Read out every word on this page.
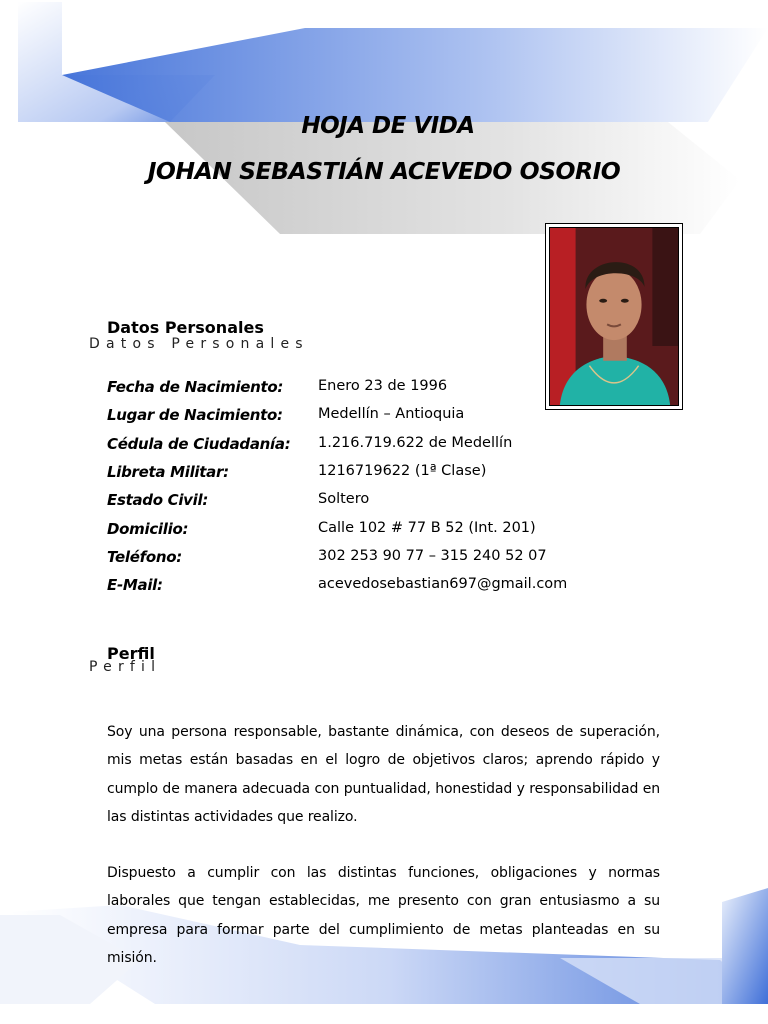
HOJA DE VIDA
JOHAN SEBASTIÁN ACEVEDO OSORIO
Datos Personales
Datos Personales
Fecha de Nacimiento: Enero 23 de 1996
Lugar de Nacimiento: Medellín – Antioquia
Cédula de Ciudadanía: 1.216.719.622 de Medellín
Libreta Militar:	1216719622 (1ª Clase)
Estado Civil:	Soltero
Domicilio:	Calle 102 # 77 B 52 (Int. 201)
Teléfono:	302 253 90 77 – 315 240 52 07
E-Mail:	acevedosebastian697@gmail.com
Perfil
Perfil

Soy una persona responsable, bastante dinámica, con deseos de superación, mis metas están basadas en el logro de objetivos claros; aprendo rápido y cumplo de manera adecuada con puntualidad, honestidad y responsabilidad en las distintas actividades que realizo.

Dispuesto a cumplir con las distintas funciones, obligaciones y normas laborales que tengan establecidas, me presento con gran entusiasmo a su empresa para formar parte del cumplimiento de metas planteadas en su misión.
